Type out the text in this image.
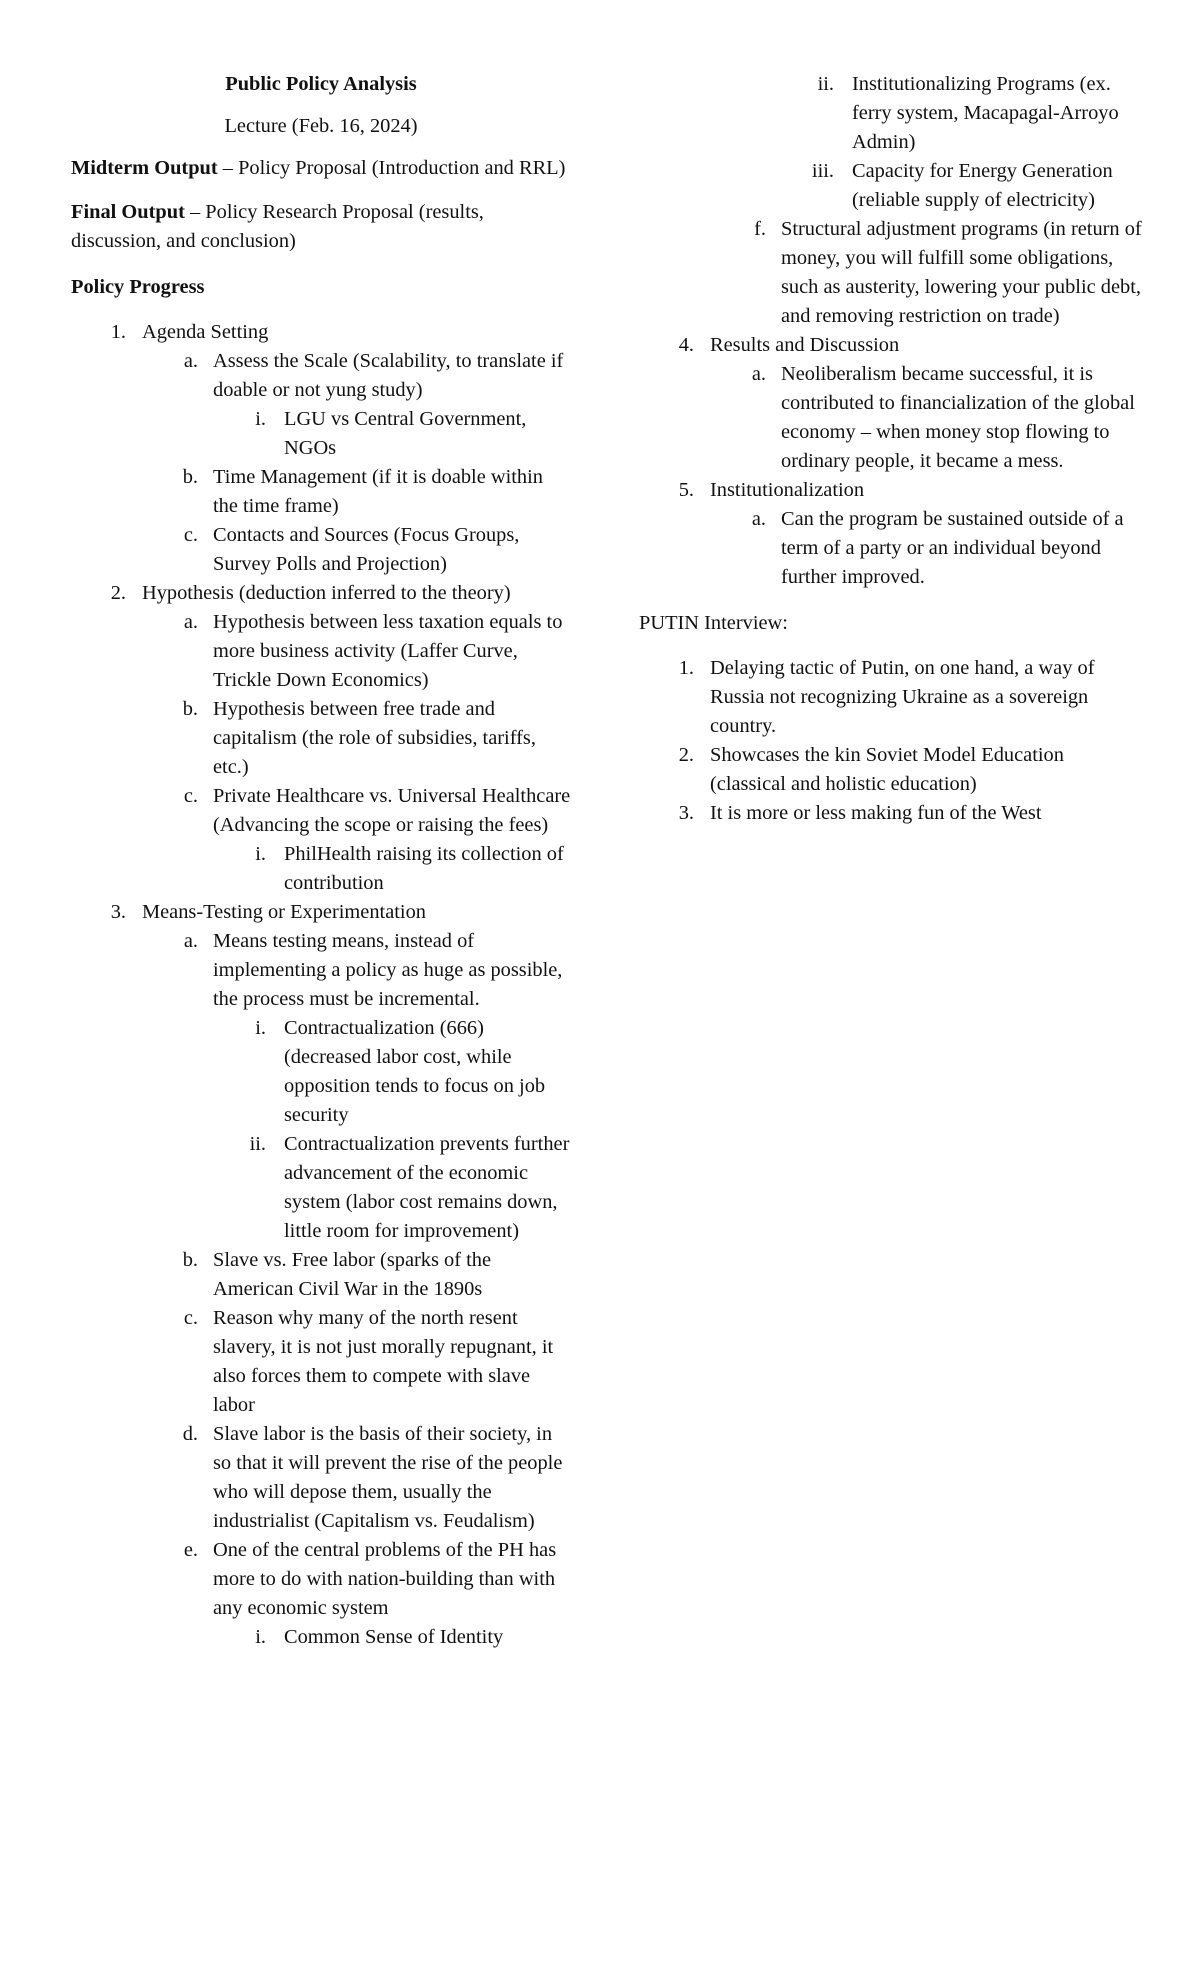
Public Policy Analysis

Lecture (Feb. 16, 2024)

Midterm Output – Policy Proposal (Introduction and RRL)

Final Output – Policy Research Proposal (results, discussion, and conclusion)

Policy Progress

1. Agenda Setting
a. Assess the Scale (Scalability, to translate if doable or not yung study)
i. LGU vs Central Government, NGOs
b. Time Management (if it is doable within the time frame)
c. Contacts and Sources (Focus Groups, Survey Polls and Projection)
2. Hypothesis (deduction inferred to the theory)
a. Hypothesis between less taxation equals to more business activity (Laffer Curve, Trickle Down Economics)
b. Hypothesis between free trade and capitalism (the role of subsidies, tariffs, etc.)
c. Private Healthcare vs. Universal Healthcare (Advancing the scope or raising the fees)
i. PhilHealth raising its collection of contribution
3. Means-Testing or Experimentation
a. Means testing means, instead of implementing a policy as huge as possible, the process must be incremental.
i. Contractualization (666) (decreased labor cost, while opposition tends to focus on job security
ii. Contractualization prevents further advancement of the economic system (labor cost remains down, little room for improvement)
b. Slave vs. Free labor (sparks of the American Civil War in the 1890s
c. Reason why many of the north resent slavery, it is not just morally repugnant, it also forces them to compete with slave labor
d. Slave labor is the basis of their society, in so that it will prevent the rise of the people who will depose them, usually the industrialist (Capitalism vs. Feudalism)
e. One of the central problems of the PH has more to do with nation-building than with any economic system
i. Common Sense of Identity
ii. Institutionalizing Programs (ex. ferry system, Macapagal-Arroyo Admin)
iii. Capacity for Energy Generation (reliable supply of electricity)
f. Structural adjustment programs (in return of money, you will fulfill some obligations, such as austerity, lowering your public debt, and removing restriction on trade)
4. Results and Discussion
a. Neoliberalism became successful, it is contributed to financialization of the global economy – when money stop flowing to ordinary people, it became a mess.
5. Institutionalization
a. Can the program be sustained outside of a term of a party or an individual beyond further improved.

PUTIN Interview:

1. Delaying tactic of Putin, on one hand, a way of Russia not recognizing Ukraine as a sovereign country.
2. Showcases the kin Soviet Model Education (classical and holistic education)
3. It is more or less making fun of the West
